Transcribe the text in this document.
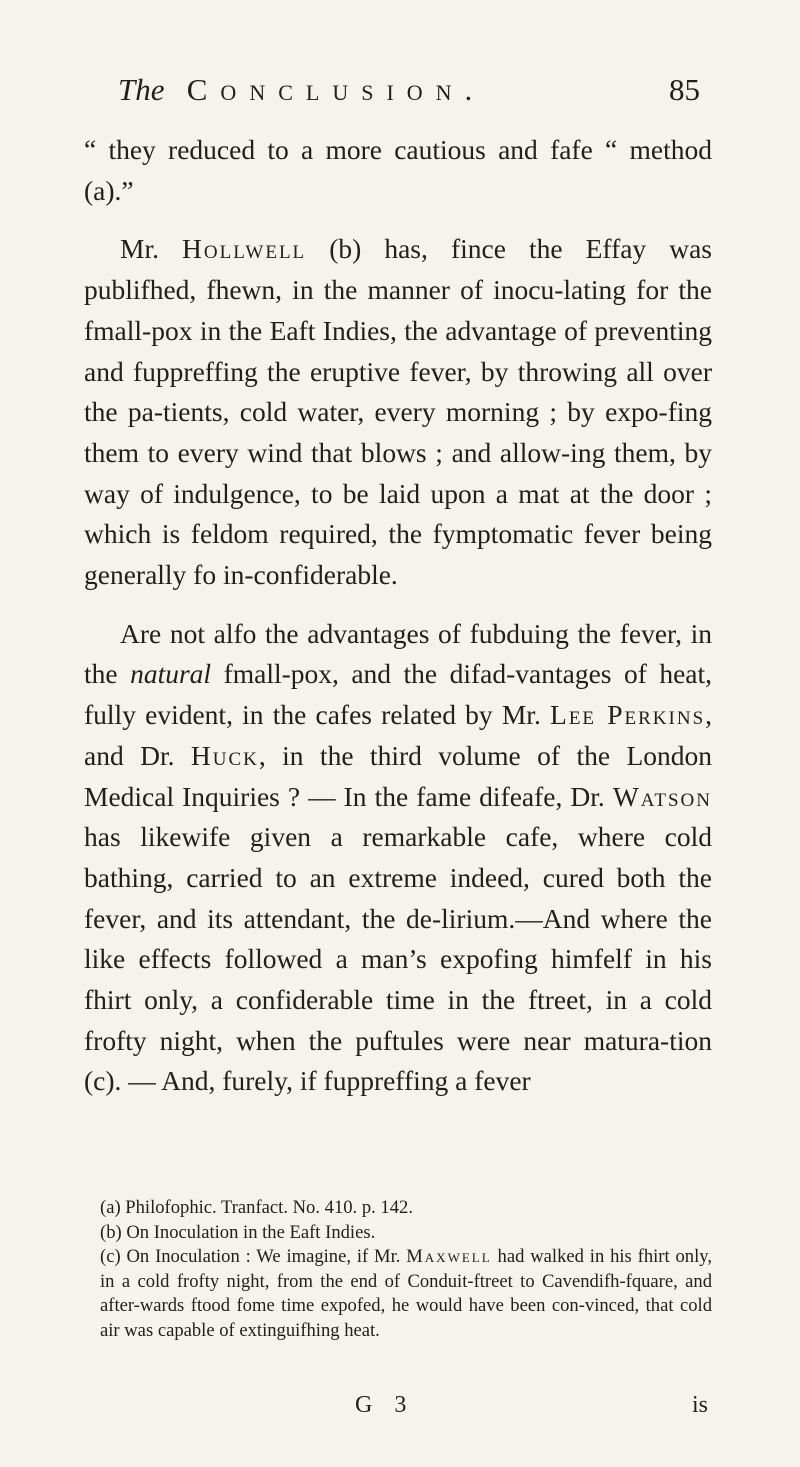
The Conclusion.	85

“ they reduced to a more cautious and fafe “ method (a).”

Mr. Hollwell (b) has, fince the Effay was publifhed, fhewn, in the manner of inocu-lating for the fmall-pox in the Eaft Indies, the advantage of preventing and fuppreffing the eruptive fever, by throwing all over the pa-tients, cold water, every morning ; by expo-fing them to every wind that blows ; and allow-ing them, by way of indulgence, to be laid upon a mat at the door ; which is feldom required, the fymptomatic fever being generally fo in-confiderable.

Are not alfo the advantages of fubduing the fever, in the natural fmall-pox, and the difad-vantages of heat, fully evident, in the cafes related by Mr. Lee Perkins, and Dr. Huck, in the third volume of the London Medical Inquiries ? — In the fame difeafe, Dr. Watson has likewife given a remarkable cafe, where cold bathing, carried to an extreme indeed, cured both the fever, and its attendant, the de-lirium.—And where the like effects followed a man’s expofing himfelf in his fhirt only, a confiderable time in the ftreet, in a cold frofty night, when the puftules were near matura-tion (c). — And, furely, if fuppreffing a fever

(a) Philofophic. Tranfact. No. 410. p. 142.

(b) On Inoculation in the Eaft Indies.

(c) On Inoculation : We imagine, if Mr. Maxwell had walked in his fhirt only, in a cold frofty night, from the end of Conduit-ftreet to Cavendifh-fquare, and after-wards ftood fome time expofed, he would have been con-vinced, that cold air was capable of extinguifhing heat.

G 3	is
